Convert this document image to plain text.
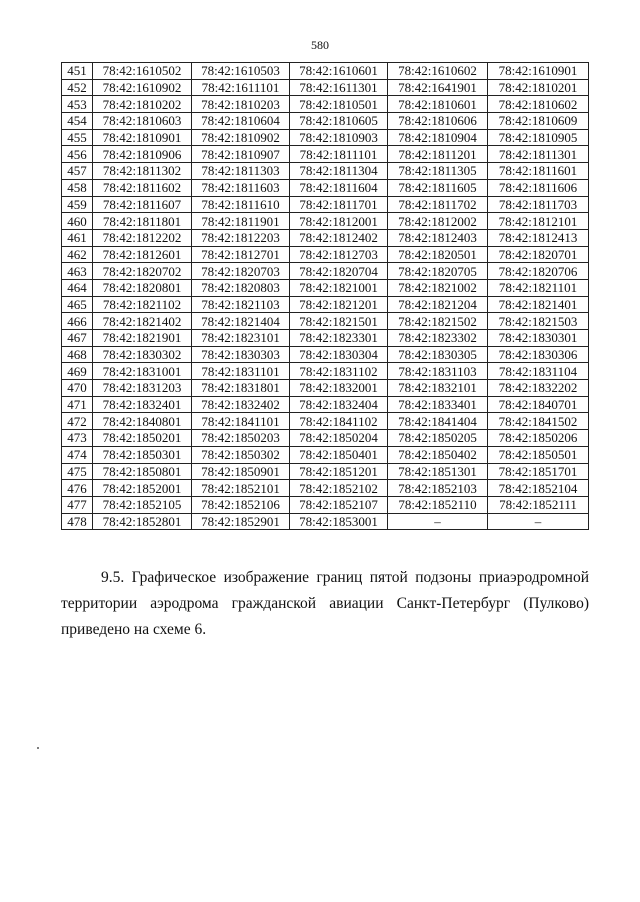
580
451	78:42:1610502	78:42:1610503	78:42:1610601	78:42:1610602	78:42:1610901
452	78:42:1610902	78:42:1611101	78:42:1611301	78:42:1641901	78:42:1810201
453	78:42:1810202	78:42:1810203	78:42:1810501	78:42:1810601	78:42:1810602
454	78:42:1810603	78:42:1810604	78:42:1810605	78:42:1810606	78:42:1810609
455	78:42:1810901	78:42:1810902	78:42:1810903	78:42:1810904	78:42:1810905
456	78:42:1810906	78:42:1810907	78:42:1811101	78:42:1811201	78:42:1811301
457	78:42:1811302	78:42:1811303	78:42:1811304	78:42:1811305	78:42:1811601
458	78:42:1811602	78:42:1811603	78:42:1811604	78:42:1811605	78:42:1811606
459	78:42:1811607	78:42:1811610	78:42:1811701	78:42:1811702	78:42:1811703
460	78:42:1811801	78:42:1811901	78:42:1812001	78:42:1812002	78:42:1812101
461	78:42:1812202	78:42:1812203	78:42:1812402	78:42:1812403	78:42:1812413
462	78:42:1812601	78:42:1812701	78:42:1812703	78:42:1820501	78:42:1820701
463	78:42:1820702	78:42:1820703	78:42:1820704	78:42:1820705	78:42:1820706
464	78:42:1820801	78:42:1820803	78:42:1821001	78:42:1821002	78:42:1821101
465	78:42:1821102	78:42:1821103	78:42:1821201	78:42:1821204	78:42:1821401
466	78:42:1821402	78:42:1821404	78:42:1821501	78:42:1821502	78:42:1821503
467	78:42:1821901	78:42:1823101	78:42:1823301	78:42:1823302	78:42:1830301
468	78:42:1830302	78:42:1830303	78:42:1830304	78:42:1830305	78:42:1830306
469	78:42:1831001	78:42:1831101	78:42:1831102	78:42:1831103	78:42:1831104
470	78:42:1831203	78:42:1831801	78:42:1832001	78:42:1832101	78:42:1832202
471	78:42:1832401	78:42:1832402	78:42:1832404	78:42:1833401	78:42:1840701
472	78:42:1840801	78:42:1841101	78:42:1841102	78:42:1841404	78:42:1841502
473	78:42:1850201	78:42:1850203	78:42:1850204	78:42:1850205	78:42:1850206
474	78:42:1850301	78:42:1850302	78:42:1850401	78:42:1850402	78:42:1850501
475	78:42:1850801	78:42:1850901	78:42:1851201	78:42:1851301	78:42:1851701
476	78:42:1852001	78:42:1852101	78:42:1852102	78:42:1852103	78:42:1852104
477	78:42:1852105	78:42:1852106	78:42:1852107	78:42:1852110	78:42:1852111
478	78:42:1852801	78:42:1852901	78:42:1853001	–	–
9.5. Графическое изображение границ пятой подзоны приаэродромной
территории аэродрома гражданской авиации Санкт-Петербург (Пулково)
приведено на схеме 6.
